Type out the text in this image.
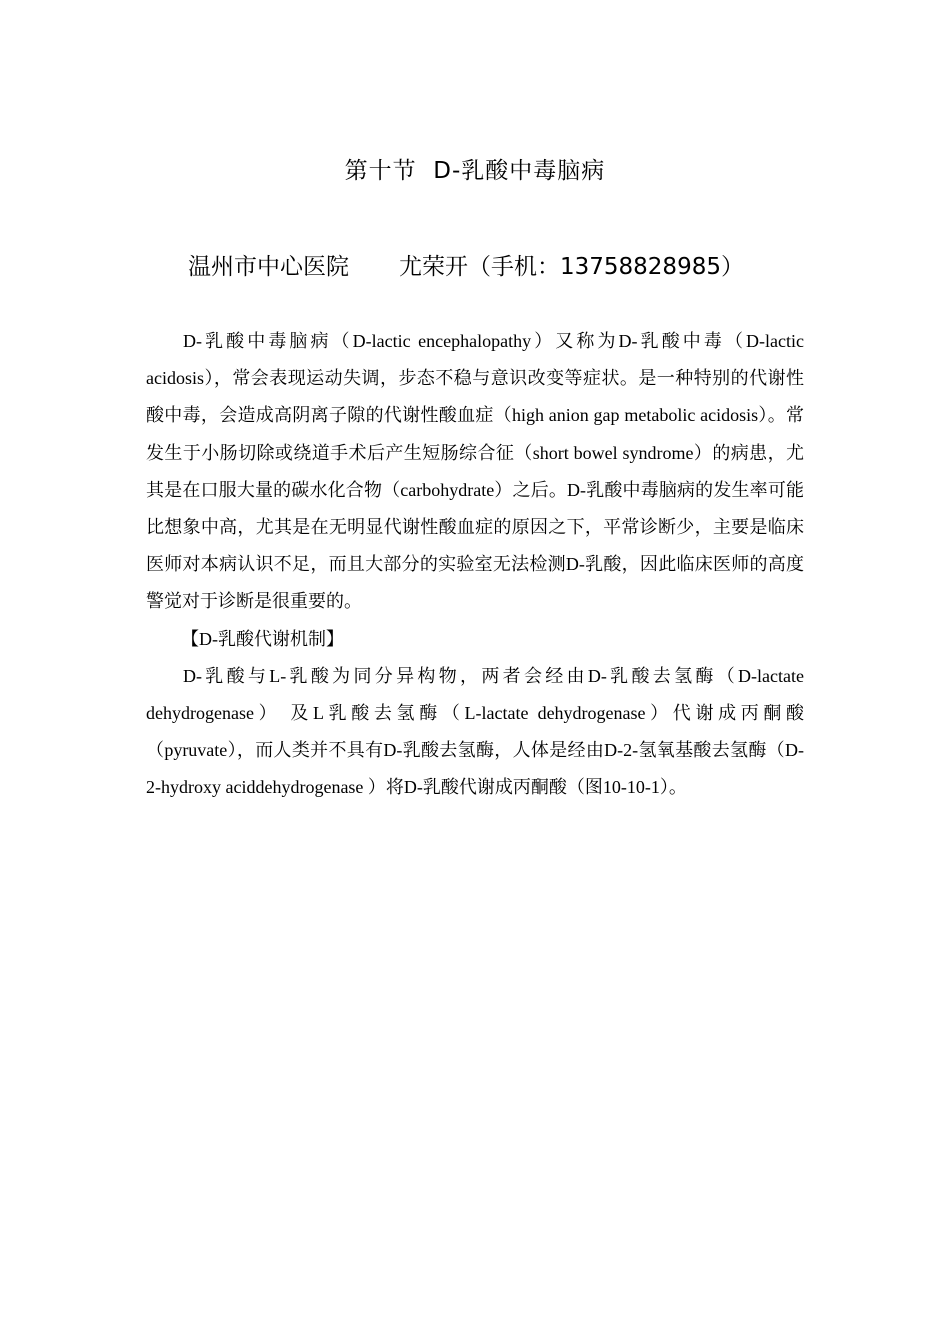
第十节  D-乳酸中毒脑病
温州市中心医院 尤荣开（手机：13758828985）

D-乳酸中毒脑病（D-lactic encephalopathy）又称为D-乳酸中毒（D-lactic acidosis），常会表现运动失调，步态不稳与意识改变等症状。是一种特别的代谢性酸中毒，会造成高阴离子隙的代谢性酸血症（high anion gap metabolic acidosis）。常发生于小肠切除或绕道手术后产生短肠综合征（short bowel syndrome）的病患，尤其是在口服大量的碳水化合物（carbohydrate）之后。D-乳酸中毒脑病的发生率可能比想象中高，尤其是在无明显代谢性酸血症的原因之下，平常诊断少，主要是临床医师对本病认识不足，而且大部分的实验室无法检测D-乳酸，因此临床医师的高度警觉对于诊断是很重要的。

【D-乳酸代谢机制】

D-乳酸与L-乳酸为同分异构物，两者会经由D-乳酸去氢酶（D-lactate dehydrogenase） 及L乳酸去氢酶（L-lactate dehydrogenase）代谢成丙酮酸（pyruvate），而人类并不具有D-乳酸去氢酶，人体是经由D-2-氢氧基酸去氢酶（D-2-hydroxy aciddehydrogenase ）将D-乳酸代谢成丙酮酸（图10-10-1）。
